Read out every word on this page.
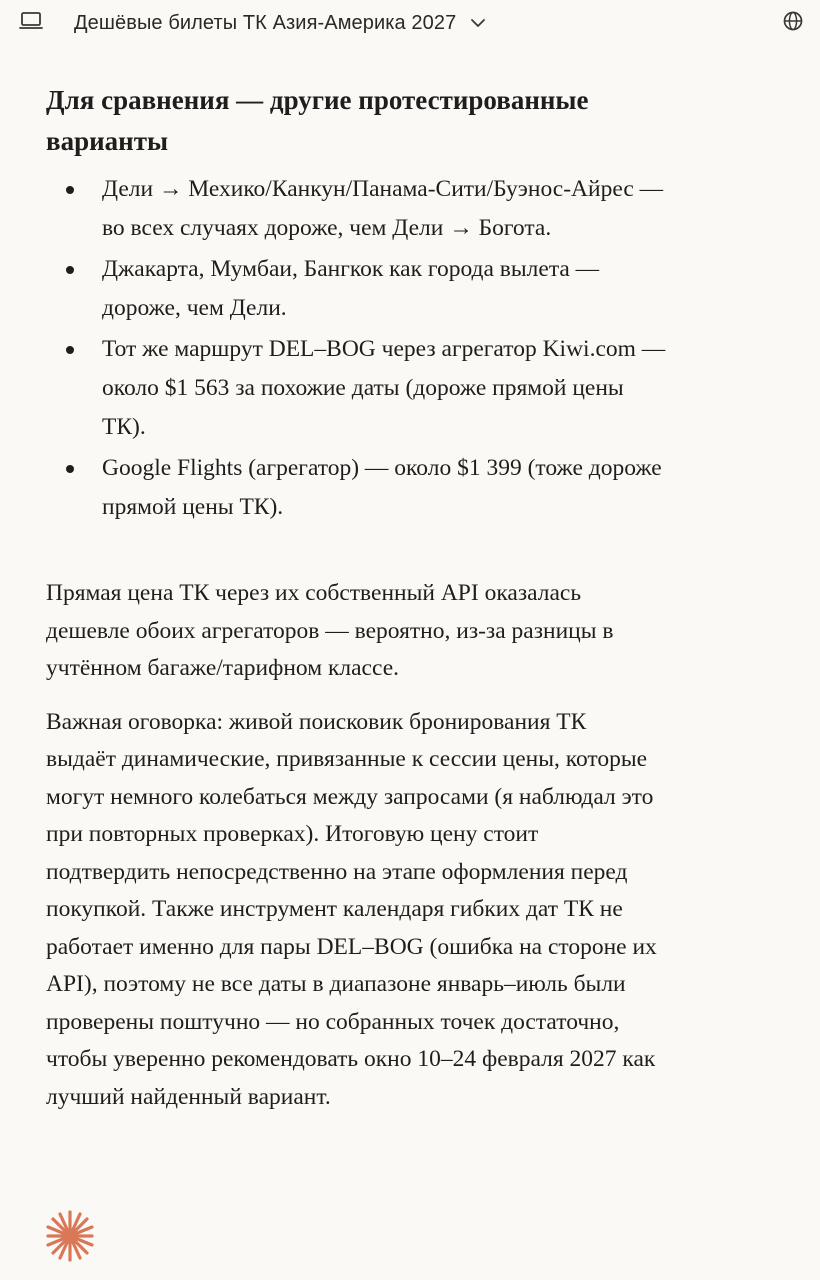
Дешёвые билеты ТК Азия-Америка 2027
Для сравнения — другие протестированные
варианты
Дели → Мехико/Канкун/Панама-Сити/Буэнос-Айрес —
во всех случаях дороже, чем Дели → Богота.
Джакарта, Мумбаи, Бангкок как города вылета —
дороже, чем Дели.
Тот же маршрут DEL–BOG через агрегатор Kiwi.com —
около $1 563 за похожие даты (дороже прямой цены
ТК).
Google Flights (агрегатор) — около $1 399 (тоже дороже
прямой цены ТК).

Прямая цена ТК через их собственный API оказалась
дешевле обоих агрегаторов — вероятно, из-за разницы в
учтённом багаже/тарифном классе.

Важная оговорка: живой поисковик бронирования ТК
выдаёт динамические, привязанные к сессии цены, которые
могут немного колебаться между запросами (я наблюдал это
при повторных проверках). Итоговую цену стоит
подтвердить непосредственно на этапе оформления перед
покупкой. Также инструмент календаря гибких дат ТК не
работает именно для пары DEL–BOG (ошибка на стороне их
API), поэтому не все даты в диапазоне январь–июль были
проверены поштучно — но собранных точек достаточно,
чтобы уверенно рекомендовать окно 10–24 февраля 2027 как
лучший найденный вариант.
